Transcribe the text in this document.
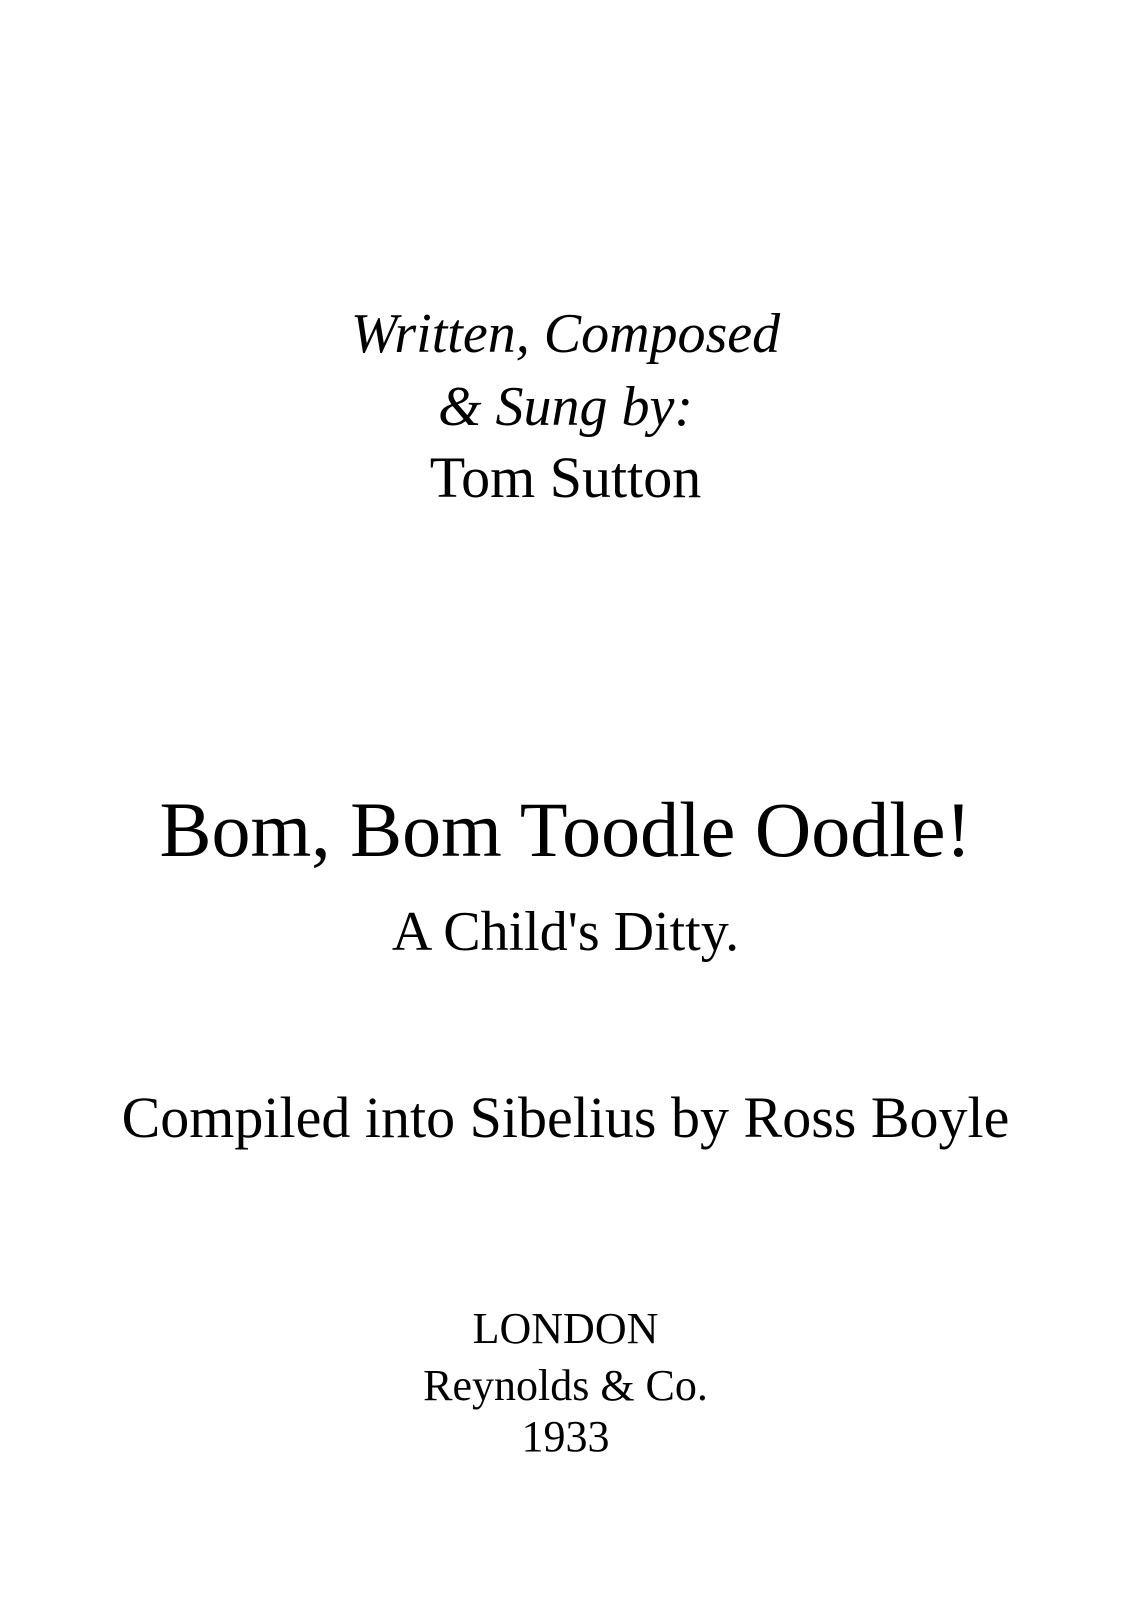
Written, Composed

& Sung by:

Tom Sutton

Bom, Bom Toodle Oodle!

A Child's Ditty.

Compiled into Sibelius by Ross Boyle

LONDON

Reynolds & Co.

1933
